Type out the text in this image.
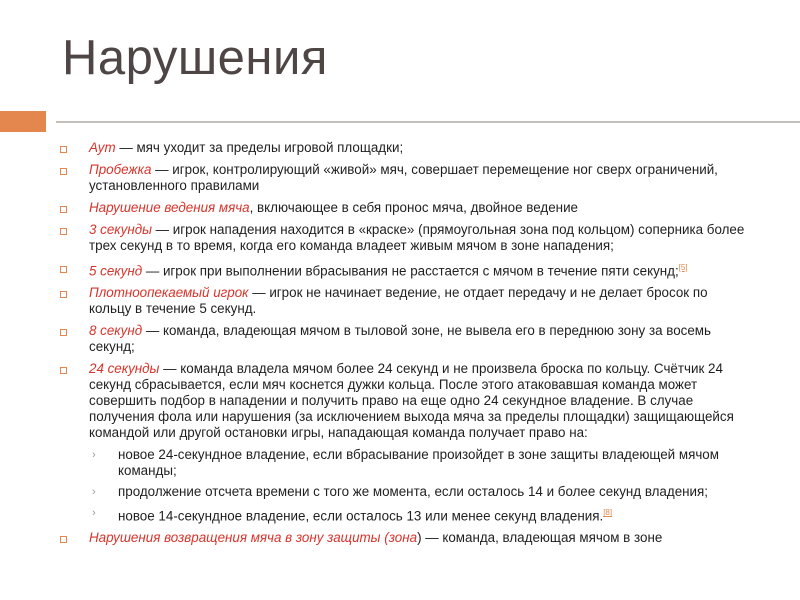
Нарушения
Аут — мяч уходит за пределы игровой площадки;
Пробежка — игрок, контролирующий «живой» мяч, совершает перемещение ног сверх ограничений, установленного правилами
Нарушение ведения мяча, включающее в себя пронос мяча, двойное ведение
3 секунды — игрок нападения находится в «краске» (прямоугольная зона под кольцом) соперника более трех секунд в то время, когда его команда владеет живым мячом в зоне нападения;
5 секунд — игрок при выполнении вбрасывания не расстается с мячом в течение пяти секунд;[5]
Плотноопекаемый игрок — игрок не начинает ведение, не отдает передачу и не делает бросок по кольцу в течение 5 секунд.
8 секунд — команда, владеющая мячом в тыловой зоне, не вывела его в переднюю зону за восемь секунд;
24 секунды — команда владела мячом более 24 секунд и не произвела броска по кольцу. Счётчик 24 секунд сбрасывается, если мяч коснется дужки кольца. После этого атаковавшая команда может совершить подбор в нападении и получить право на еще одно 24 секундное владение. В случае получения фола или нарушения (за исключением выхода мяча за пределы площадки) защищающейся командой или другой остановки игры, нападающая команда получает право на:
› новое 24-секундное владение, если вбрасывание произойдет в зоне защиты владеющей мячом команды;
› продолжение отсчета времени с того же момента, если осталось 14 и более секунд владения;
› новое 14-секундное владение, если осталось 13 или менее секунд владения.[8]
Нарушения возвращения мяча в зону защиты (зона) — команда, владеющая мячом в зоне
